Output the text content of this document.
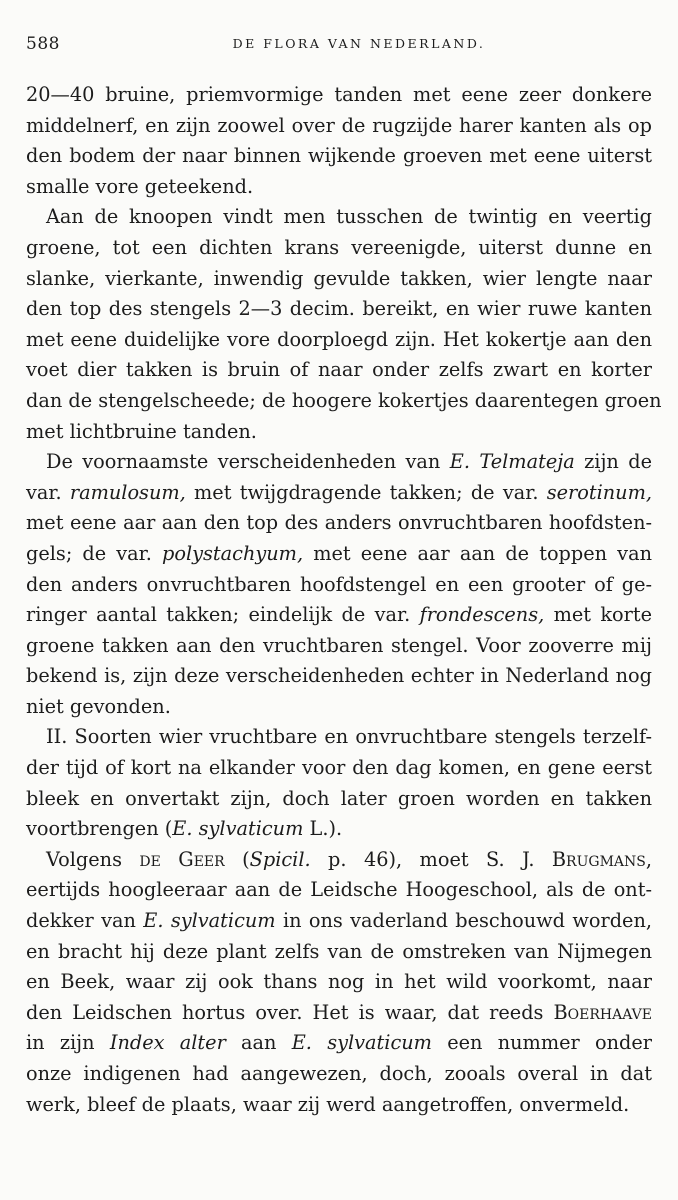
588	DE FLORA VAN NEDERLAND.
20—40 bruine, priemvormige tanden met eene zeer donkere
middelnerf, en zijn zoowel over de rugzijde harer kanten als op
den bodem der naar binnen wijkende groeven met eene uiterst
smalle vore geteekend.
Aan de knoopen vindt men tusschen de twintig en veertig
groene, tot een dichten krans vereenigde, uiterst dunne en
slanke, vierkante, inwendig gevulde takken, wier lengte naar
den top des stengels 2—3 decim. bereikt, en wier ruwe kanten
met eene duidelijke vore doorploegd zijn. Het kokertje aan den
voet dier takken is bruin of naar onder zelfs zwart en korter
dan de stengelscheede; de hoogere kokertjes daarentegen groen
met lichtbruine tanden.
De voornaamste verscheidenheden van E. Telmateja zijn de
var. ramulosum, met twijgdragende takken; de var. serotinum,
met eene aar aan den top des anders onvruchtbaren hoofdsten-
gels; de var. polystachyum, met eene aar aan de toppen van
den anders onvruchtbaren hoofdstengel en een grooter of ge-
ringer aantal takken; eindelijk de var. frondescens, met korte
groene takken aan den vruchtbaren stengel. Voor zooverre mij
bekend is, zijn deze verscheidenheden echter in Nederland nog
niet gevonden.
II. Soorten wier vruchtbare en onvruchtbare stengels terzelf-
der tijd of kort na elkander voor den dag komen, en gene eerst
bleek en onvertakt zijn, doch later groen worden en takken
voortbrengen (E. sylvaticum L.).
Volgens de Geer (Spicil. p. 46), moet S. J. Brugmans,
eertijds hoogleeraar aan de Leidsche Hoogeschool, als de ont-
dekker van E. sylvaticum in ons vaderland beschouwd worden,
en bracht hij deze plant zelfs van de omstreken van Nijmegen
en Beek, waar zij ook thans nog in het wild voorkomt, naar
den Leidschen hortus over. Het is waar, dat reeds Boerhaave
in zijn Index alter aan E. sylvaticum een nummer onder
onze indigenen had aangewezen, doch, zooals overal in dat
werk, bleef de plaats, waar zij werd aangetroffen, onvermeld.
